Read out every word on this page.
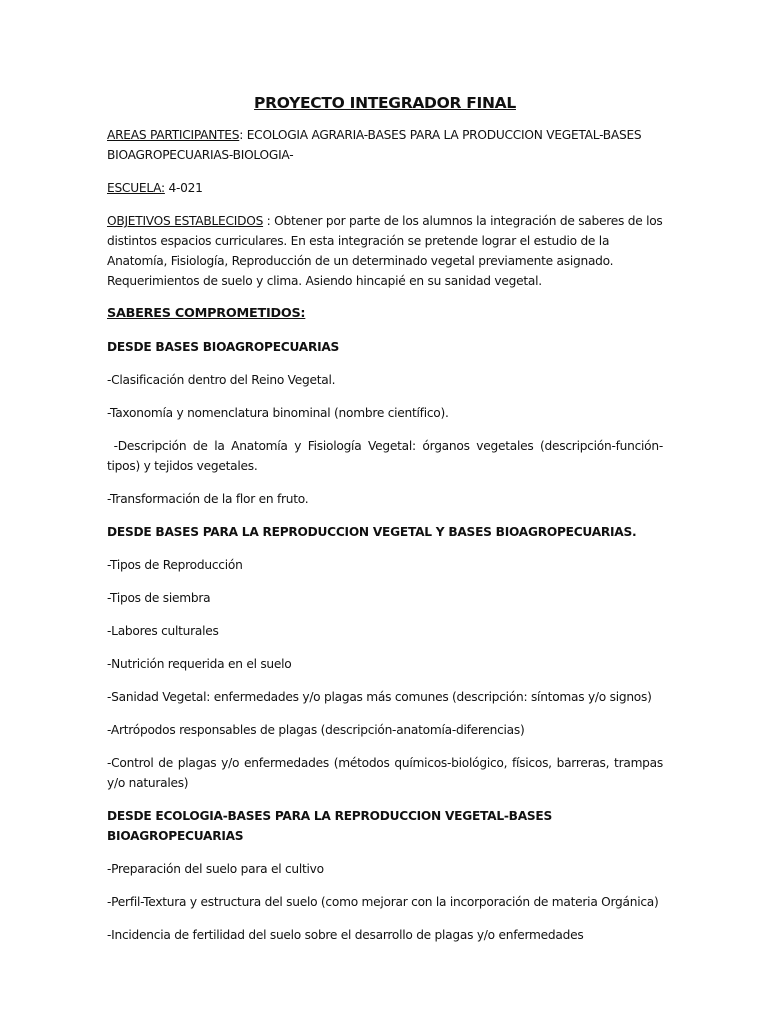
PROYECTO INTEGRADOR FINAL

AREAS PARTICIPANTES: ECOLOGIA AGRARIA-BASES PARA LA PRODUCCION VEGETAL-BASES BIOAGROPECUARIAS-BIOLOGIA-

ESCUELA: 4-021

OBJETIVOS ESTABLECIDOS : Obtener por parte de los alumnos la integración de saberes de los distintos espacios curriculares. En esta integración se pretende lograr el estudio de la Anatomía, Fisiología, Reproducción de un determinado vegetal previamente asignado. Requerimientos de suelo y clima. Asiendo hincapié en su sanidad vegetal.

SABERES COMPROMETIDOS:

DESDE BASES BIOAGROPECUARIAS

-Clasificación dentro del Reino Vegetal.

-Taxonomía y nomenclatura binominal (nombre científico).

-Descripción de la Anatomía y Fisiología Vegetal: órganos vegetales (descripción-función-tipos) y tejidos vegetales.

-Transformación de la flor en fruto.

DESDE BASES PARA LA REPRODUCCION VEGETAL Y BASES BIOAGROPECUARIAS.

-Tipos de Reproducción

-Tipos de siembra

-Labores culturales

-Nutrición requerida en el suelo

-Sanidad Vegetal: enfermedades y/o plagas más comunes (descripción: síntomas y/o signos)

-Artrópodos responsables de plagas (descripción-anatomía-diferencias)

-Control de plagas y/o enfermedades (métodos químicos-biológico, físicos, barreras, trampas y/o naturales)

DESDE ECOLOGIA-BASES PARA LA REPRODUCCION VEGETAL-BASES BIOAGROPECUARIAS

-Preparación del suelo para el cultivo

-Perfil-Textura y estructura del suelo (como mejorar con la incorporación de materia Orgánica)

-Incidencia de fertilidad del suelo sobre el desarrollo de plagas y/o enfermedades
